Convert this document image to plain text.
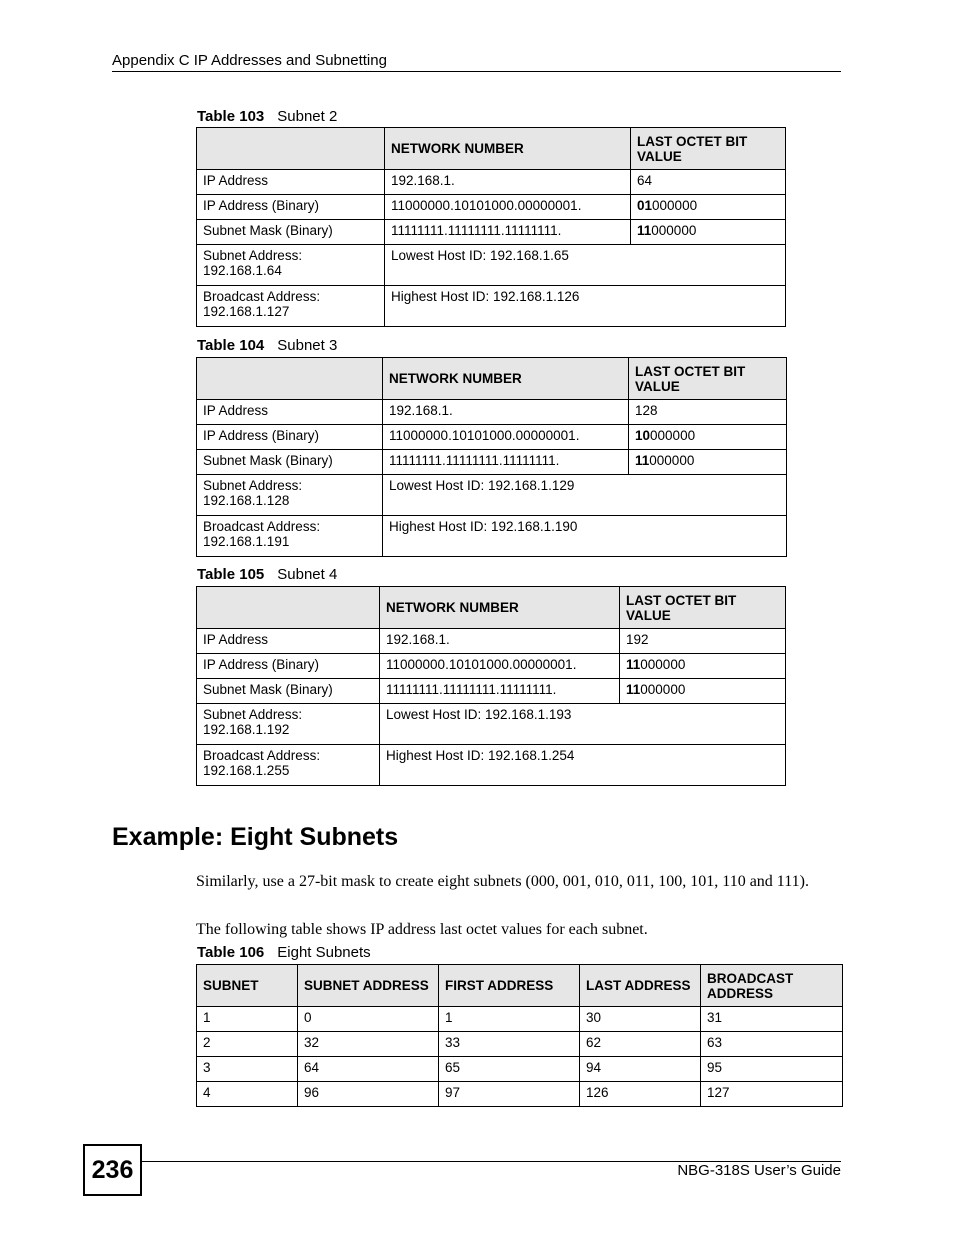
Appendix C IP Addresses and Subnetting
Table 103 Subnet 2
	NETWORK NUMBER	LAST OCTET BIT VALUE
IP Address	192.168.1.	64
IP Address (Binary)	11000000.10101000.00000001.	01000000
Subnet Mask (Binary)	11111111.11111111.11111111.	11000000
Subnet Address: 192.168.1.64	Lowest Host ID: 192.168.1.65	
Broadcast Address: 192.168.1.127	Highest Host ID: 192.168.1.126	
Table 104 Subnet 3
	NETWORK NUMBER	LAST OCTET BIT VALUE
IP Address	192.168.1.	128
IP Address (Binary)	11000000.10101000.00000001.	10000000
Subnet Mask (Binary)	11111111.11111111.11111111.	11000000
Subnet Address: 192.168.1.128	Lowest Host ID: 192.168.1.129	
Broadcast Address: 192.168.1.191	Highest Host ID: 192.168.1.190	
Table 105 Subnet 4
	NETWORK NUMBER	LAST OCTET BIT VALUE
IP Address	192.168.1.	192
IP Address (Binary)	11000000.10101000.00000001.	11000000
Subnet Mask (Binary)	11111111.11111111.11111111.	11000000
Subnet Address: 192.168.1.192	Lowest Host ID: 192.168.1.193	
Broadcast Address: 192.168.1.255	Highest Host ID: 192.168.1.254	
Example: Eight Subnets

Similarly, use a 27-bit mask to create eight subnets (000, 001, 010, 011, 100, 101, 110 and 111).

The following table shows IP address last octet values for each subnet.

Table 106 Eight Subnets
SUBNET	SUBNET ADDRESS	FIRST ADDRESS	LAST ADDRESS	BROADCAST ADDRESS
1	0	1	30	31
2	32	33	62	63
3	64	65	94	95
4	96	97	126	127
236	NBG-318S User’s Guide
